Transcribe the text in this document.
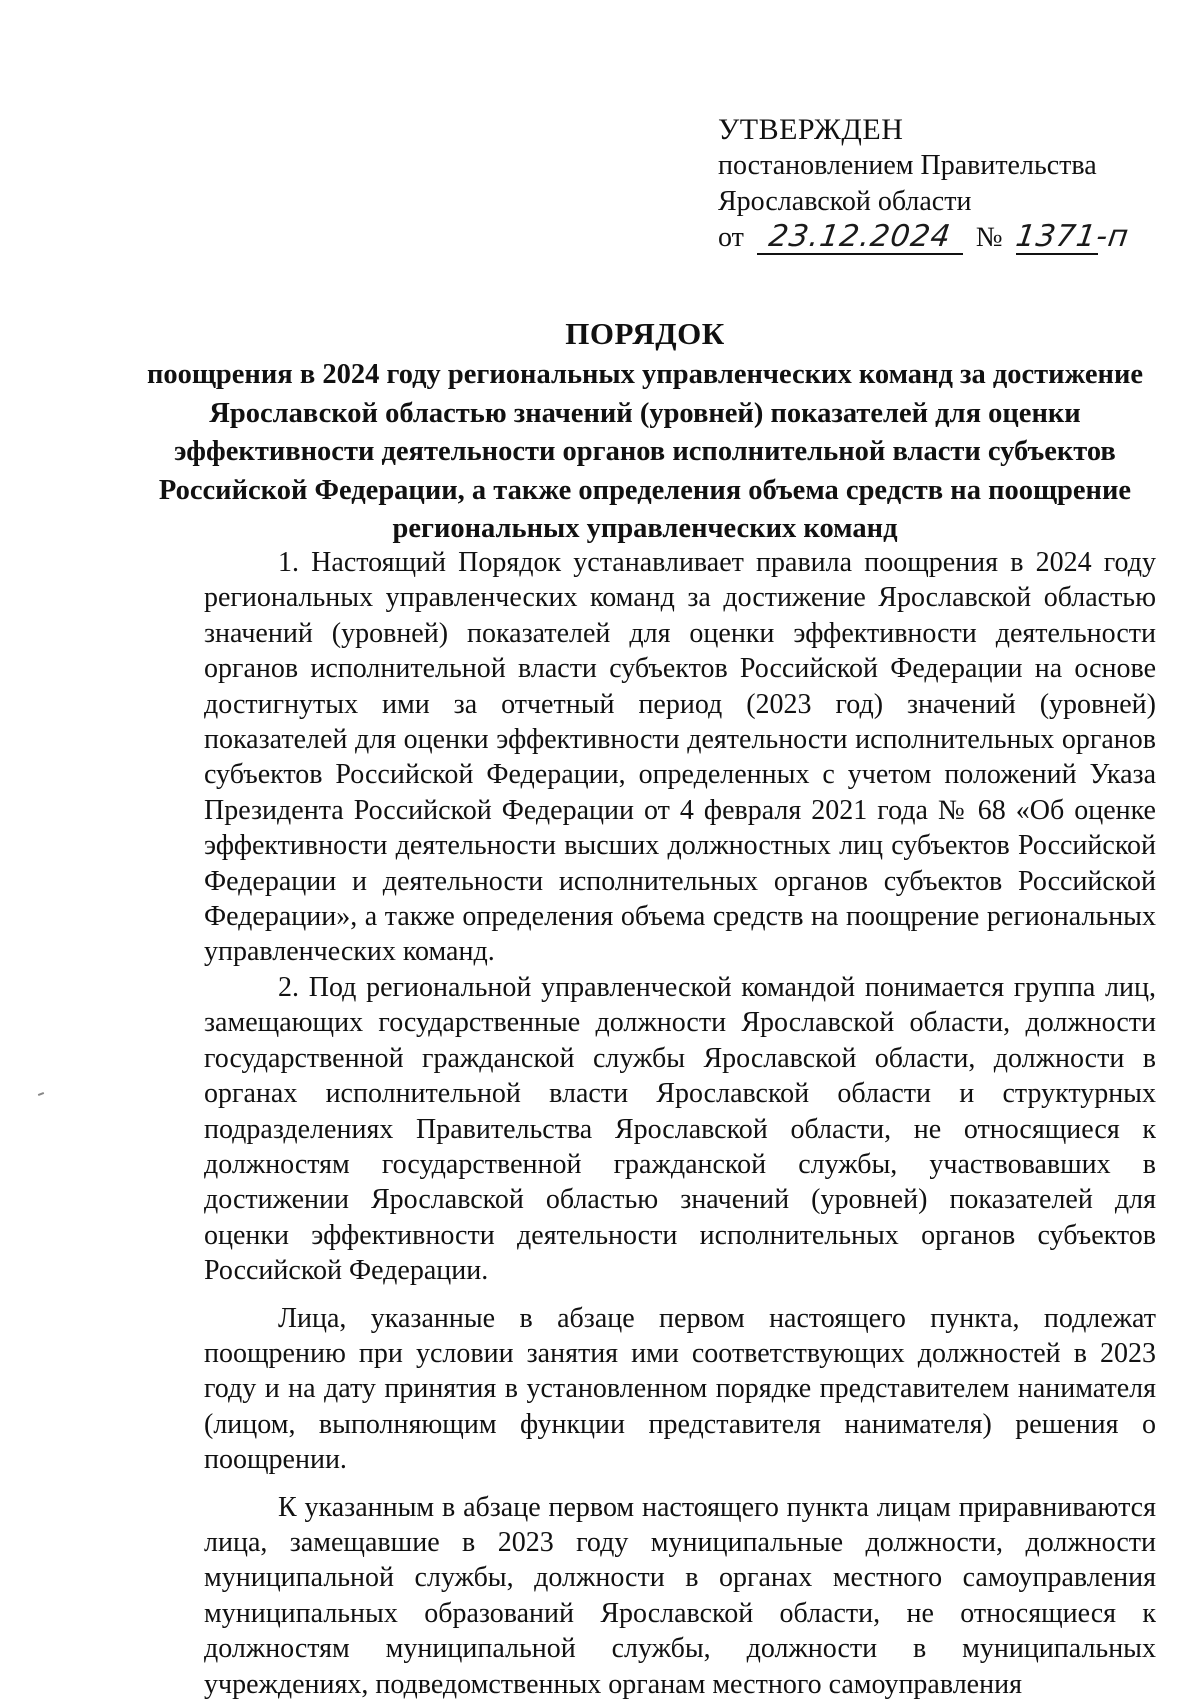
УТВЕРЖДЕН
постановлением Правительства
Ярославской области
от 23.12.2024 № 1371-п
ПОРЯДОК
поощрения в 2024 году региональных управленческих команд за достижение Ярославской областью значений (уровней) показателей для оценки эффективности деятельности органов исполнительной власти субъектов Российской Федерации, а также определения объема средств на поощрение региональных управленческих команд

1. Настоящий Порядок устанавливает правила поощрения в 2024 году региональных управленческих команд за достижение Ярославской областью значений (уровней) показателей для оценки эффективности деятельности органов исполнительной власти субъектов Российской Федерации на основе достигнутых ими за отчетный период (2023 год) значений (уровней) показателей для оценки эффективности деятельности исполнительных органов субъектов Российской Федерации, определенных с учетом положений Указа Президента Российской Федерации от 4 февраля 2021 года № 68 «Об оценке эффективности деятельности высших должностных лиц субъектов Российской Федерации и деятельности исполнительных органов субъектов Российской Федерации», а также определения объема средств на поощрение региональных управленческих команд.

2. Под региональной управленческой командой понимается группа лиц, замещающих государственные должности Ярославской области, должности государственной гражданской службы Ярославской области, должности в органах исполнительной власти Ярославской области и структурных подразделениях Правительства Ярославской области, не относящиеся к должностям государственной гражданской службы, участвовавших в достижении Ярославской областью значений (уровней) показателей для оценки эффективности деятельности исполнительных органов субъектов Российской Федерации.

Лица, указанные в абзаце первом настоящего пункта, подлежат поощрению при условии занятия ими соответствующих должностей в 2023 году и на дату принятия в установленном порядке представителем нанимателя (лицом, выполняющим функции представителя нанимателя) решения о поощрении.

К указанным в абзаце первом настоящего пункта лицам приравниваются лица, замещавшие в 2023 году муниципальные должности, должности муниципальной службы, должности в органах местного самоуправления муниципальных образований Ярославской области, не относящиеся к должностям муниципальной службы, должности в муниципальных учреждениях, подведомственных органам местного самоуправления
